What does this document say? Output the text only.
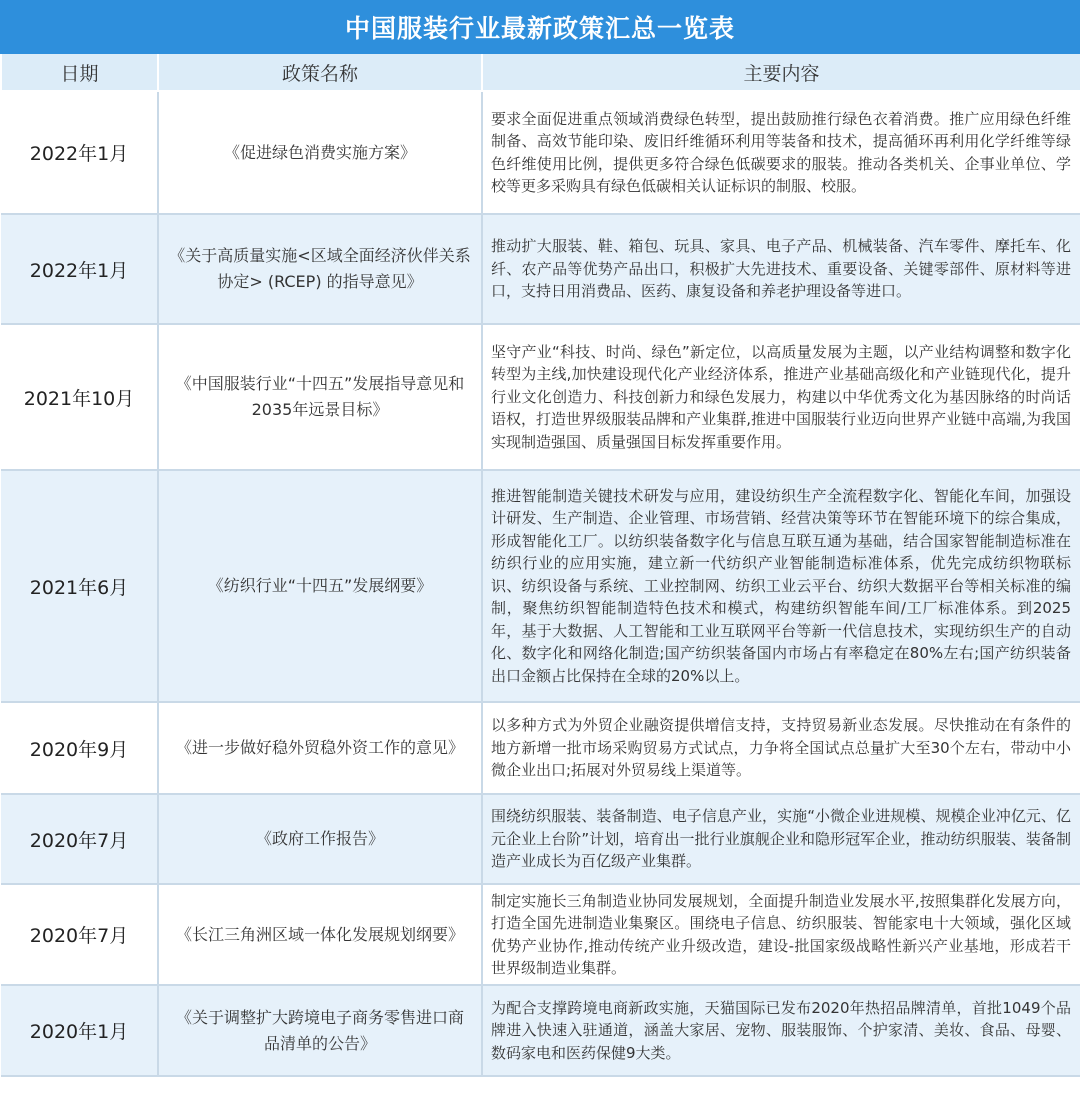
中国服装行业最新政策汇总一览表
日期	政策名称	主要内容
2022年1月	《促进绿色消费实施方案》	要求全面促进重点领域消费绿色转型，提出鼓励推行绿色衣着消费。推广应用绿色纤维制备、高效节能印染、废旧纤维循环利用等装备和技术，提高循环再利用化学纤维等绿色纤维使用比例，提供更多符合绿色低碳要求的服装。推动各类机关、企事业单位、学校等更多采购具有绿色低碳相关认证标识的制服、校服。
2022年1月	《关于高质量实施<区域全面经济伙伴关系协定> (RCEP) 的指导意见》	推动扩大服装、鞋、箱包、玩具、家具、电子产品、机械装备、汽车零件、摩托车、化纤、农产品等优势产品出口，积极扩大先进技术、重要设备、关键零部件、原材料等进口，支持日用消费品、医药、康复设备和养老护理设备等进口。
2021年10月	《中国服装行业“十四五”发展指导意见和2035年远景目标》	坚守产业“科技、时尚、绿色”新定位，以高质量发展为主题，以产业结构调整和数字化转型为主线,加快建设现代化产业经济体系，推进产业基础高级化和产业链现代化，提升行业文化创造力、科技创新力和绿色发展力，构建以中华优秀文化为基因脉络的时尚话语权，打造世界级服装品牌和产业集群,推进中国服装行业迈向世界产业链中高端,为我国实现制造强国、质量强国目标发挥重要作用。
2021年6月	《纺织行业“十四五”发展纲要》	推进智能制造关键技术研发与应用，建设纺织生产全流程数字化、智能化车间，加强设计研发、生产制造、企业管理、市场营销、经营决策等环节在智能环境下的综合集成，形成智能化工厂。以纺织装备数字化与信息互联互通为基础，结合国家智能制造标准在纺织行业的应用实施，建立新一代纺织产业智能制造标准体系，优先完成纺织物联标识、纺织设备与系统、工业控制网、纺织工业云平台、纺织大数据平台等相关标准的编制，聚焦纺织智能制造特色技术和模式，构建纺织智能车间/工厂标准体系。到2025年，基于大数据、人工智能和工业互联网平台等新一代信息技术，实现纺织生产的自动化、数字化和网络化制造;国产纺织装备国内市场占有率稳定在80%左右;国产纺织装备出口金额占比保持在全球的20%以上。
2020年9月	《进一步做好稳外贸稳外资工作的意见》	以多种方式为外贸企业融资提供增信支持，支持贸易新业态发展。尽快推动在有条件的地方新增一批市场采购贸易方式试点，力争将全国试点总量扩大至30个左右，带动中小微企业出口;拓展对外贸易线上渠道等。
2020年7月	《政府工作报告》	围绕纺织服装、装备制造、电子信息产业，实施“小微企业进规模、规模企业冲亿元、亿元企业上台阶”计划，培育出一批行业旗舰企业和隐形冠军企业，推动纺织服装、装备制造产业成长为百亿级产业集群。
2020年7月	《长江三角洲区域一体化发展规划纲要》	制定实施长三角制造业协同发展规划，全面提升制造业发展水平,按照集群化发展方向，打造全国先进制造业集聚区。围绕电子信息、纺织服装、智能家电十大领域，强化区域优势产业协作,推动传统产业升级改造，建设-批国家级战略性新兴产业基地，形成若干世界级制造业集群。
2020年1月	《关于调整扩大跨境电子商务零售进口商品清单的公告》	为配合支撑跨境电商新政实施，天猫国际已发布2020年热招品牌清单，首批1049个品牌进入快速入驻通道，涵盖大家居、宠物、服装服饰、个护家清、美妆、食品、母婴、数码家电和医药保健9大类。
